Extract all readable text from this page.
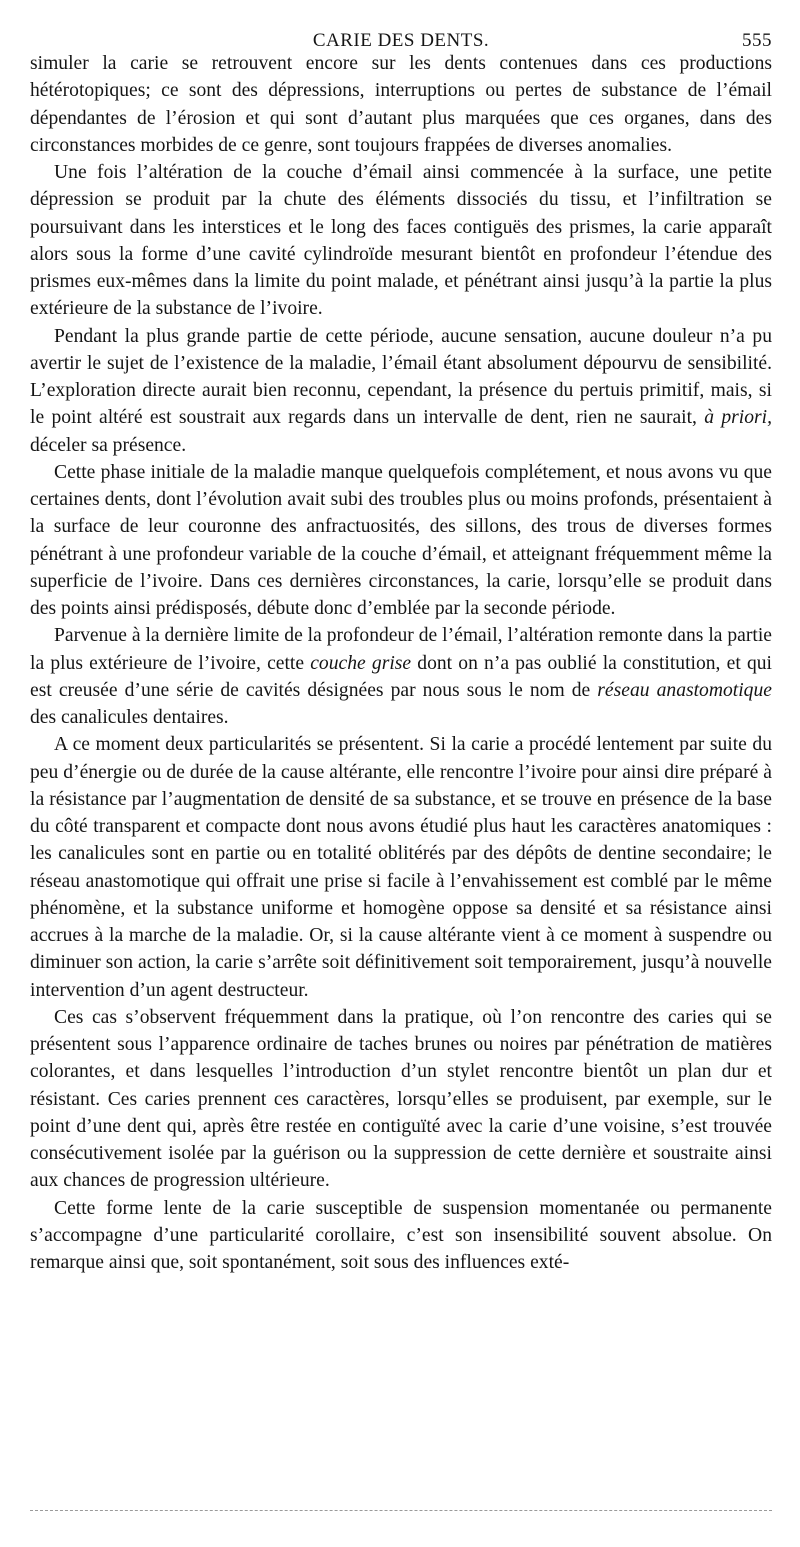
CARIE DES DENTS.	555

simuler la carie se retrouvent encore sur les dents contenues dans ces productions hétérotopiques; ce sont des dépressions, interruptions ou pertes de substance de l’émail dépendantes de l’érosion et qui sont d’autant plus marquées que ces organes, dans des circonstances morbides de ce genre, sont toujours frappées de diverses anomalies.

Une fois l’altération de la couche d’émail ainsi commencée à la surface, une petite dépression se produit par la chute des éléments dissociés du tissu, et l’infiltration se poursuivant dans les interstices et le long des faces contiguës des prismes, la carie apparaît alors sous la forme d’une cavité cylindroïde mesurant bientôt en profondeur l’étendue des prismes eux-mêmes dans la limite du point malade, et pénétrant ainsi jusqu’à la partie la plus extérieure de la substance de l’ivoire.

Pendant la plus grande partie de cette période, aucune sensation, aucune douleur n’a pu avertir le sujet de l’existence de la maladie, l’émail étant absolument dépourvu de sensibilité. L’exploration directe aurait bien reconnu, cependant, la présence du pertuis primitif, mais, si le point altéré est soustrait aux regards dans un intervalle de dent, rien ne saurait, à priori, déceler sa présence.

Cette phase initiale de la maladie manque quelquefois complétement, et nous avons vu que certaines dents, dont l’évolution avait subi des troubles plus ou moins profonds, présentaient à la surface de leur couronne des anfractuosités, des sillons, des trous de diverses formes pénétrant à une profondeur variable de la couche d’émail, et atteignant fréquemment même la superficie de l’ivoire. Dans ces dernières circonstances, la carie, lorsqu’elle se produit dans des points ainsi prédisposés, débute donc d’emblée par la seconde période.

Parvenue à la dernière limite de la profondeur de l’émail, l’altération remonte dans la partie la plus extérieure de l’ivoire, cette couche grise dont on n’a pas oublié la constitution, et qui est creusée d’une série de cavités désignées par nous sous le nom de réseau anastomotique des canalicules dentaires.

A ce moment deux particularités se présentent. Si la carie a procédé lentement par suite du peu d’énergie ou de durée de la cause altérante, elle rencontre l’ivoire pour ainsi dire préparé à la résistance par l’augmentation de densité de sa substance, et se trouve en présence de la base du côté transparent et compacte dont nous avons étudié plus haut les caractères anatomiques : les canalicules sont en partie ou en totalité oblitérés par des dépôts de dentine secondaire; le réseau anastomotique qui offrait une prise si facile à l’envahissement est comblé par le même phénomène, et la substance uniforme et homogène oppose sa densité et sa résistance ainsi accrues à la marche de la maladie. Or, si la cause altérante vient à ce moment à suspendre ou diminuer son action, la carie s’arrête soit définitivement soit temporairement, jusqu’à nouvelle intervention d’un agent destructeur.

Ces cas s’observent fréquemment dans la pratique, où l’on rencontre des caries qui se présentent sous l’apparence ordinaire de taches brunes ou noires par pénétration de matières colorantes, et dans lesquelles l’introduction d’un stylet rencontre bientôt un plan dur et résistant. Ces caries prennent ces caractères, lorsqu’elles se produisent, par exemple, sur le point d’une dent qui, après être restée en contiguïté avec la carie d’une voisine, s’est trouvée consécutivement isolée par la guérison ou la suppression de cette dernière et soustraite ainsi aux chances de progression ultérieure.

Cette forme lente de la carie susceptible de suspension momentanée ou permanente s’accompagne d’une particularité corollaire, c’est son insensibilité souvent absolue. On remarque ainsi que, soit spontanément, soit sous des influences exté-
